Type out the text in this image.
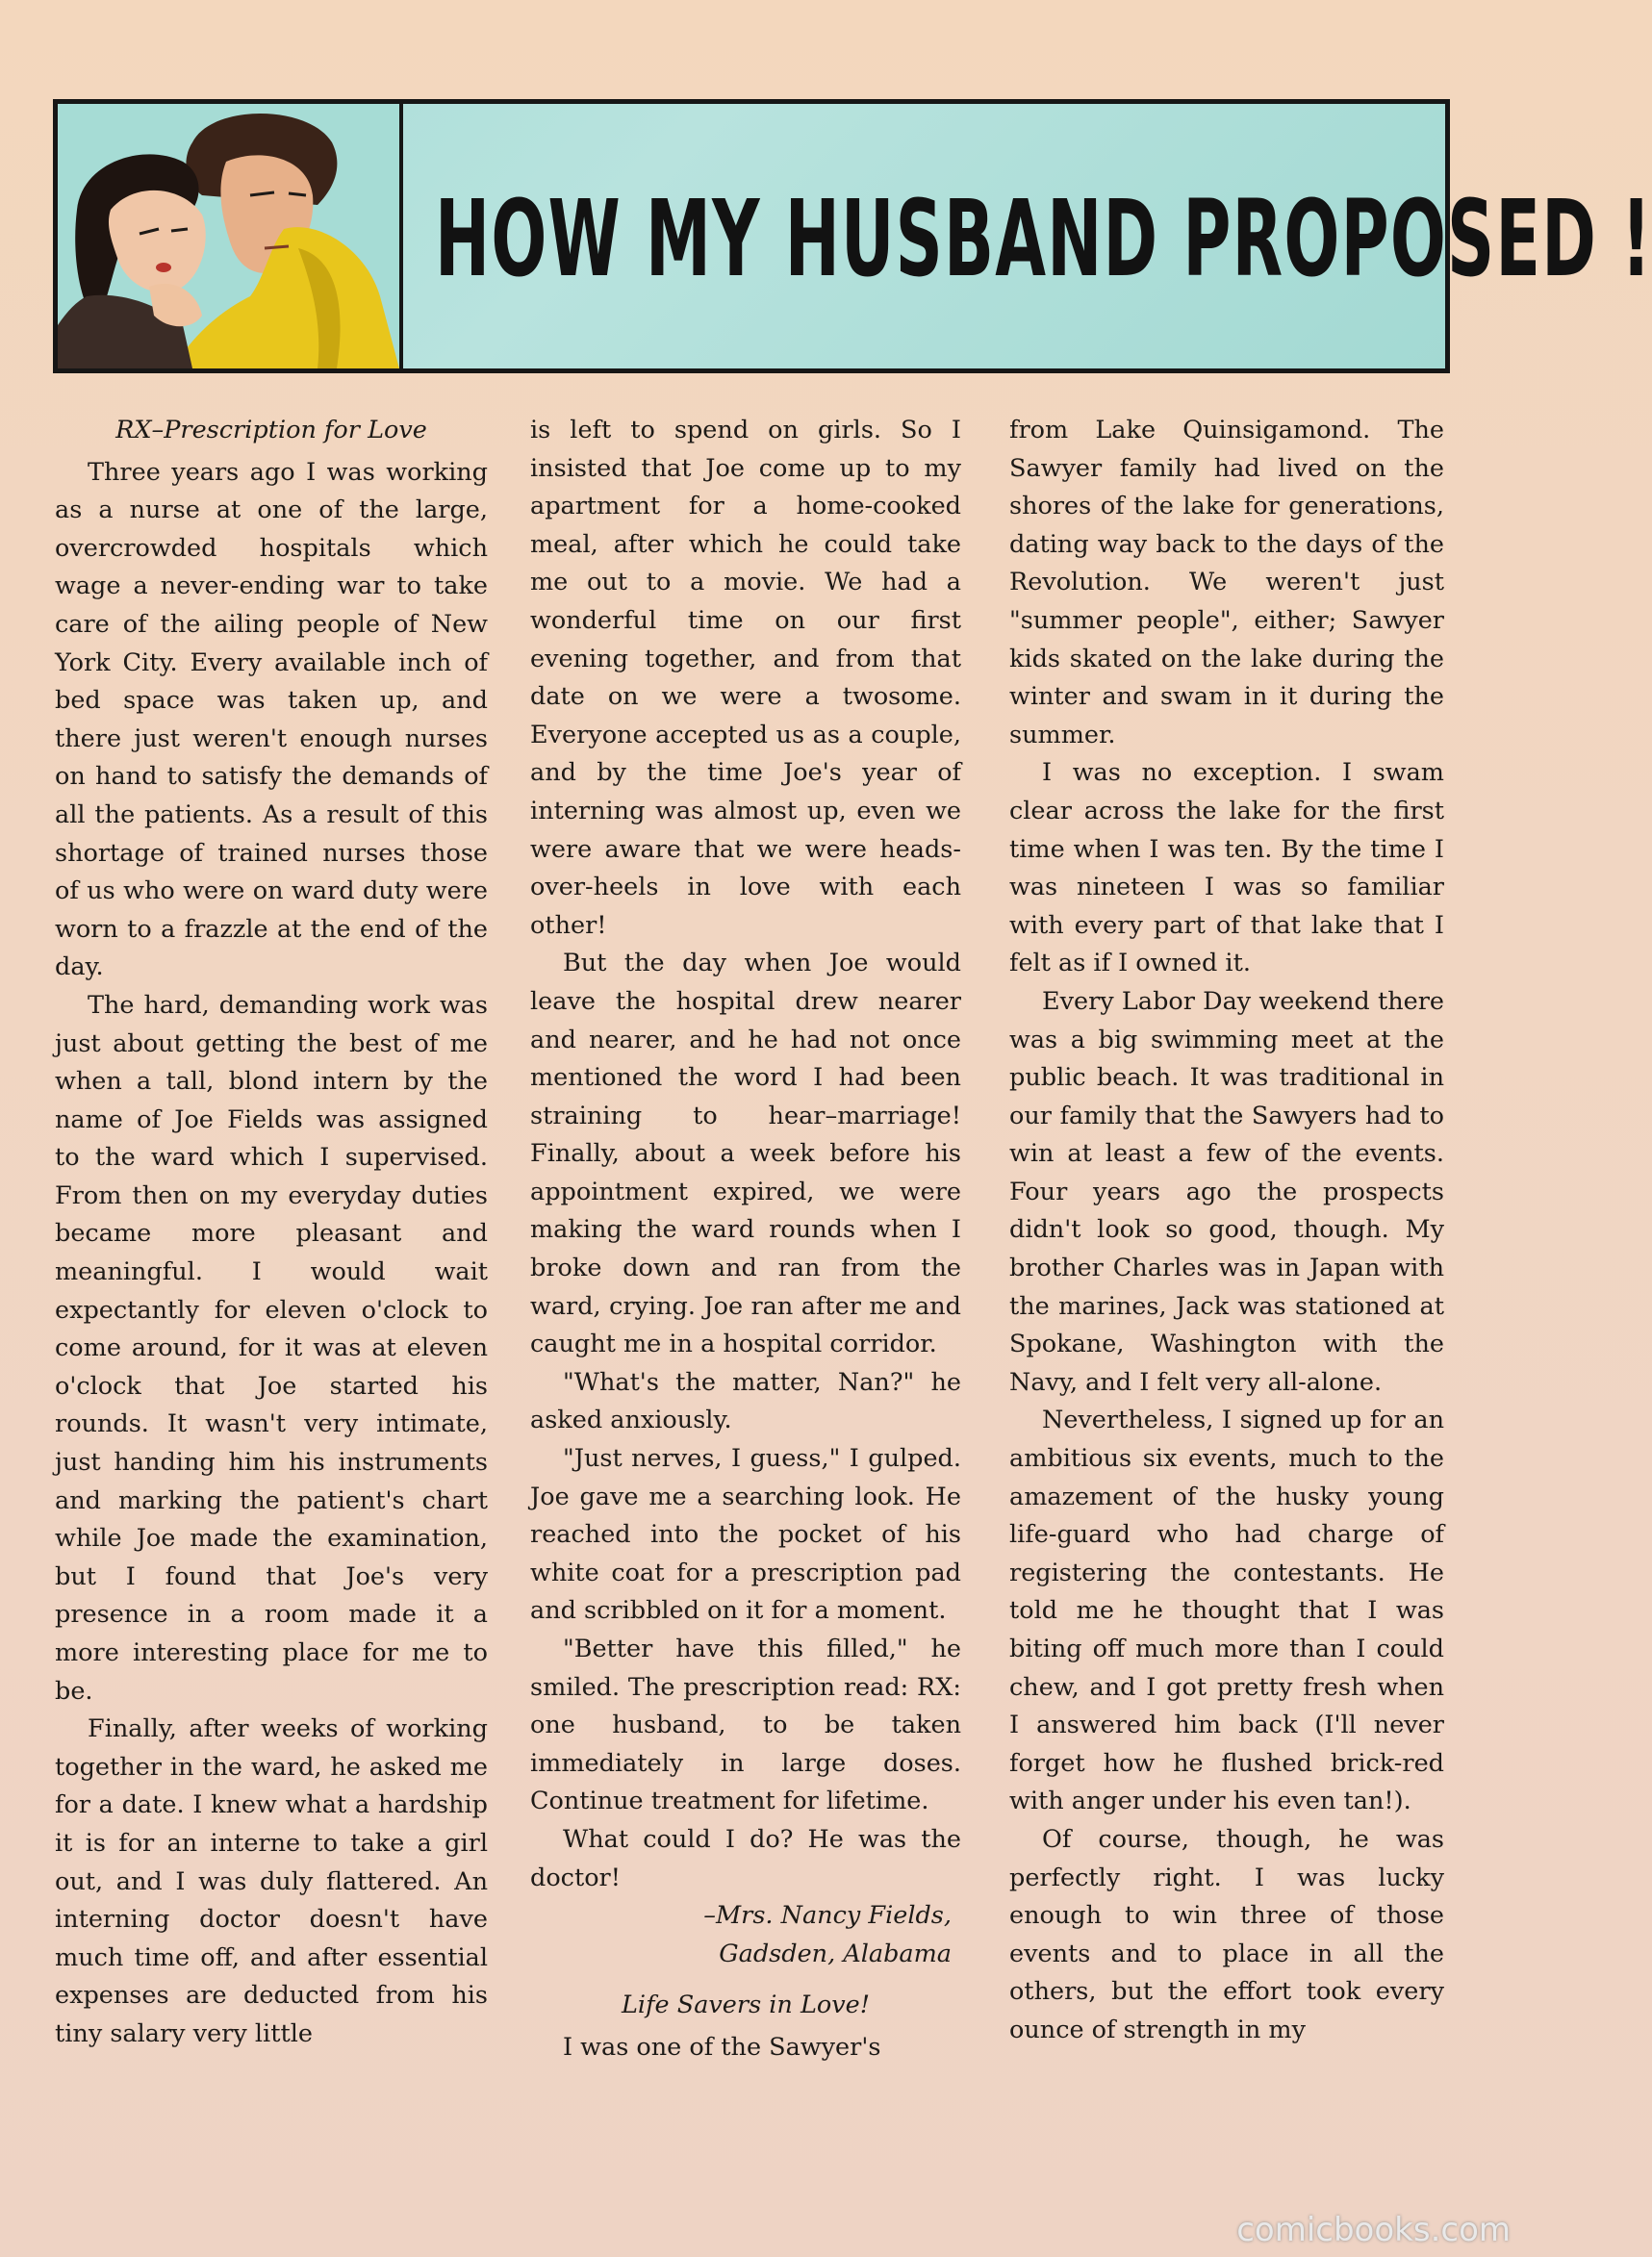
HOW MY HUSBAND PROPOSED !

RX–Prescription for Love

Three years ago I was working as a nurse at one of the large, overcrowded hospitals which wage a never-ending war to take care of the ailing people of New York City. Every available inch of bed space was taken up, and there just weren't enough nurses on hand to satisfy the demands of all the patients. As a result of this shortage of trained nurses those of us who were on ward duty were worn to a frazzle at the end of the day.

The hard, demanding work was just about getting the best of me when a tall, blond intern by the name of Joe Fields was assigned to the ward which I supervised. From then on my everyday duties became more pleasant and meaningful. I would wait expectantly for eleven o'clock to come around, for it was at eleven o'clock that Joe started his rounds. It wasn't very intimate, just handing him his instruments and marking the patient's chart while Joe made the examination, but I found that Joe's very presence in a room made it a more interesting place for me to be.

Finally, after weeks of working together in the ward, he asked me for a date. I knew what a hardship it is for an interne to take a girl out, and I was duly flattered. An interning doctor doesn't have much time off, and after essential expenses are deducted from his tiny salary very little

is left to spend on girls. So I insisted that Joe come up to my apartment for a home-cooked meal, after which he could take me out to a movie. We had a wonderful time on our first evening together, and from that date on we were a twosome. Everyone accepted us as a couple, and by the time Joe's year of interning was almost up, even we were aware that we were heads-over-heels in love with each other!

But the day when Joe would leave the hospital drew nearer and nearer, and he had not once mentioned the word I had been straining to hear–marriage! Finally, about a week before his appointment expired, we were making the ward rounds when I broke down and ran from the ward, crying. Joe ran after me and caught me in a hospital corridor.

"What's the matter, Nan?" he asked anxiously.

"Just nerves, I guess," I gulped. Joe gave me a searching look. He reached into the pocket of his white coat for a prescription pad and scribbled on it for a moment.

"Better have this filled," he smiled. The prescription read: RX: one husband, to be taken immediately in large doses. Continue treatment for lifetime.

What could I do? He was the doctor!

–Mrs. Nancy Fields,

Gadsden, Alabama

Life Savers in Love!

I was one of the Sawyer's

from Lake Quinsigamond. The Sawyer family had lived on the shores of the lake for generations, dating way back to the days of the Revolution. We weren't just "summer people", either; Sawyer kids skated on the lake during the winter and swam in it during the summer.

I was no exception. I swam clear across the lake for the first time when I was ten. By the time I was nineteen I was so familiar with every part of that lake that I felt as if I owned it.

Every Labor Day weekend there was a big swimming meet at the public beach. It was traditional in our family that the Sawyers had to win at least a few of the events. Four years ago the prospects didn't look so good, though. My brother Charles was in Japan with the marines, Jack was stationed at Spokane, Washington with the Navy, and I felt very all-alone.

Nevertheless, I signed up for an ambitious six events, much to the amazement of the husky young life-guard who had charge of registering the contestants. He told me he thought that I was biting off much more than I could chew, and I got pretty fresh when I answered him back (I'll never forget how he flushed brick-red with anger under his even tan!).

Of course, though, he was perfectly right. I was lucky enough to win three of those events and to place in all the others, but the effort took every ounce of strength in my

comicbooks.com
